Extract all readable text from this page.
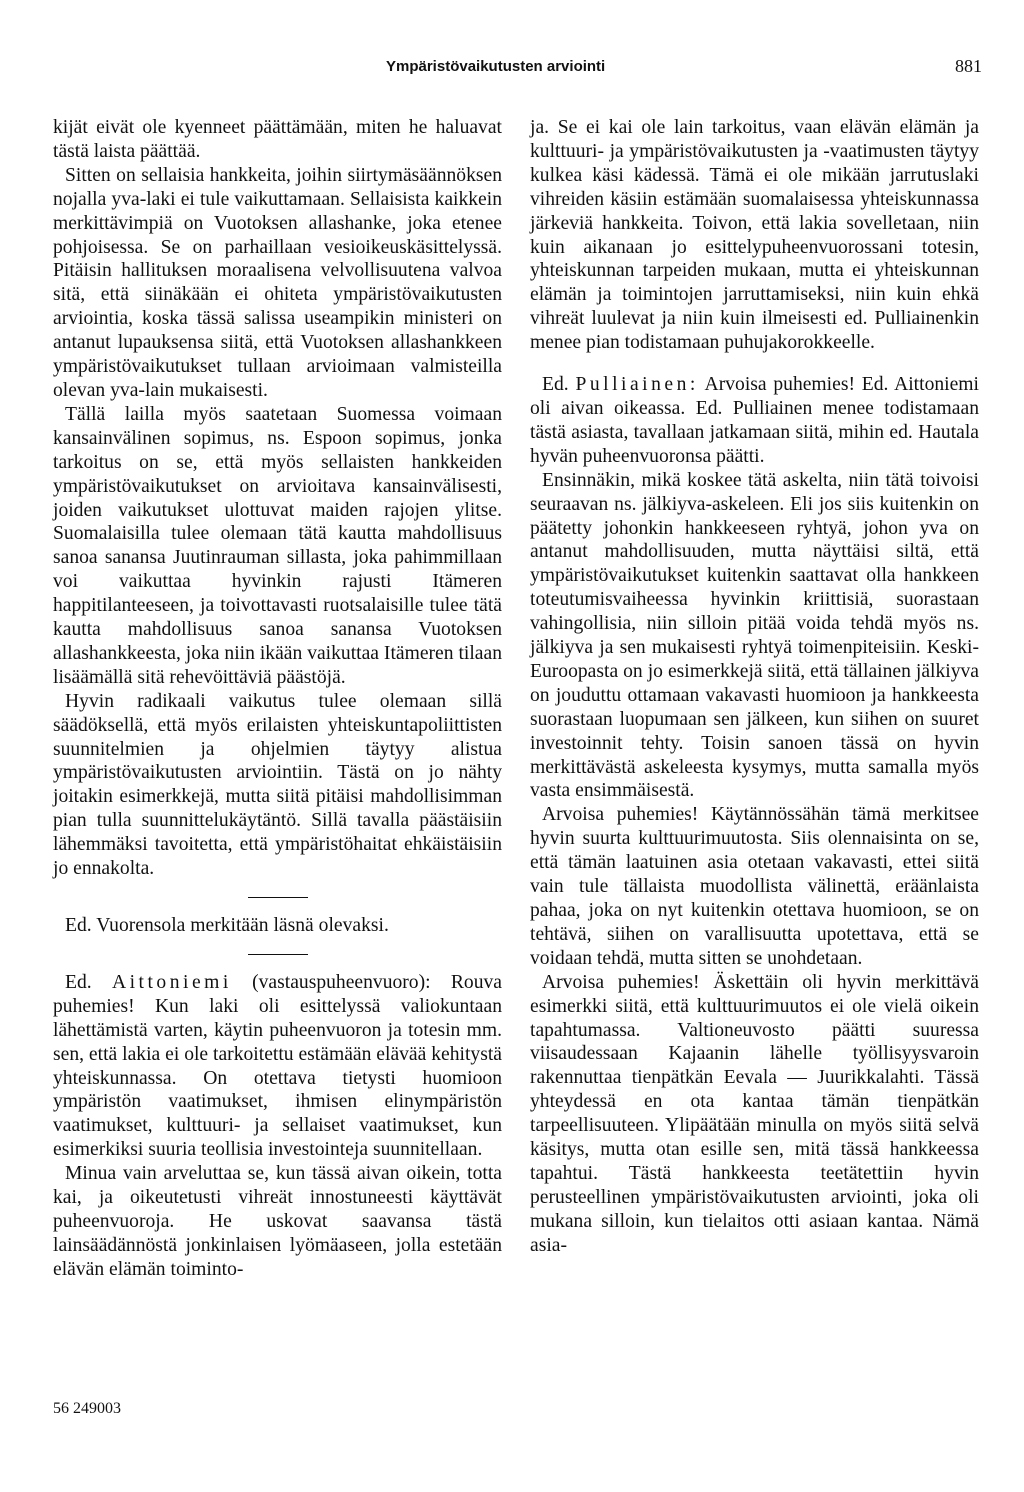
Ympäristövaikutusten arviointi	881

kijät eivät ole kyenneet päättämään, miten he haluavat tästä laista päättää.

Sitten on sellaisia hankkeita, joihin siirtymäsäännöksen nojalla yva-laki ei tule vaikuttamaan. Sellaisista kaikkein merkittävimpiä on Vuotoksen allashanke, joka etenee pohjoisessa. Se on parhaillaan vesioikeuskäsittelyssä. Pitäisin hallituksen moraalisena velvollisuutena valvoa sitä, että siinäkään ei ohiteta ympäristövaikutusten arviointia, koska tässä salissa useampikin ministeri on antanut lupauksensa siitä, että Vuotoksen allashankkeen ympäristövaikutukset tullaan arvioimaan valmisteilla olevan yva-lain mukaisesti.

Tällä lailla myös saatetaan Suomessa voimaan kansainvälinen sopimus, ns. Espoon sopimus, jonka tarkoitus on se, että myös sellaisten hankkeiden ympäristövaikutukset on arvioitava kansainvälisesti, joiden vaikutukset ulottuvat maiden rajojen ylitse. Suomalaisilla tulee olemaan tätä kautta mahdollisuus sanoa sanansa Juutinrauman sillasta, joka pahimmillaan voi vaikuttaa hyvinkin rajusti Itämeren happitilanteeseen, ja toivottavasti ruotsalaisille tulee tätä kautta mahdollisuus sanoa sanansa Vuotoksen allashankkeesta, joka niin ikään vaikuttaa Itämeren tilaan lisäämällä sitä rehevöittäviä päästöjä.

Hyvin radikaali vaikutus tulee olemaan sillä säädöksellä, että myös erilaisten yhteiskuntapoliittisten suunnitelmien ja ohjelmien täytyy alistua ympäristövaikutusten arviointiin. Tästä on jo nähty joitakin esimerkkejä, mutta siitä pitäisi mahdollisimman pian tulla suunnittelukäytäntö. Sillä tavalla päästäisiin lähemmäksi tavoitetta, että ympäristöhaitat ehkäistäisiin jo ennakolta.

Ed. Vuorensola merkitään läsnä olevaksi.

Ed. Aittoniemi (vastauspuheenvuoro): Rouva puhemies! Kun laki oli esittelyssä valiokuntaan lähettämistä varten, käytin puheenvuoron ja totesin mm. sen, että lakia ei ole tarkoitettu estämään elävää kehitystä yhteiskunnassa. On otettava tietysti huomioon ympäristön vaatimukset, ihmisen elinympäristön vaatimukset, kulttuuri- ja sellaiset vaatimukset, kun esimerkiksi suuria teollisia investointeja suunnitellaan.

Minua vain arveluttaa se, kun tässä aivan oikein, totta kai, ja oikeutetusti vihreät innostuneesti käyttävät puheenvuoroja. He uskovat saavansa tästä lainsäädännöstä jonkinlaisen lyömäaseen, jolla estetään elävän elämän toiminto-

ja. Se ei kai ole lain tarkoitus, vaan elävän elämän ja kulttuuri- ja ympäristövaikutusten ja -vaatimusten täytyy kulkea käsi kädessä. Tämä ei ole mikään jarrutuslaki vihreiden käsiin estämään suomalaisessa yhteiskunnassa järkeviä hankkeita. Toivon, että lakia sovelletaan, niin kuin aikanaan jo esittelypuheenvuorossani totesin, yhteiskunnan tarpeiden mukaan, mutta ei yhteiskunnan elämän ja toimintojen jarruttamiseksi, niin kuin ehkä vihreät luulevat ja niin kuin ilmeisesti ed. Pulliainenkin menee pian todistamaan puhujakorokkeelle.

Ed. Pulliainen: Arvoisa puhemies! Ed. Aittoniemi oli aivan oikeassa. Ed. Pulliainen menee todistamaan tästä asiasta, tavallaan jatkamaan siitä, mihin ed. Hautala hyvän puheenvuoronsa päätti.

Ensinnäkin, mikä koskee tätä askelta, niin tätä toivoisi seuraavan ns. jälkiyva-askeleen. Eli jos siis kuitenkin on päätetty johonkin hankkeeseen ryhtyä, johon yva on antanut mahdollisuuden, mutta näyttäisi siltä, että ympäristövaikutukset kuitenkin saattavat olla hankkeen toteutumisvaiheessa hyvinkin kriittisiä, suorastaan vahingollisia, niin silloin pitää voida tehdä myös ns. jälkiyva ja sen mukaisesti ryhtyä toimenpiteisiin. Keski-Euroopasta on jo esimerkkejä siitä, että tällainen jälkiyva on jouduttu ottamaan vakavasti huomioon ja hankkeesta suorastaan luopumaan sen jälkeen, kun siihen on suuret investoinnit tehty. Toisin sanoen tässä on hyvin merkittävästä askeleesta kysymys, mutta samalla myös vasta ensimmäisestä.

Arvoisa puhemies! Käytännössähän tämä merkitsee hyvin suurta kulttuurimuutosta. Siis olennaisinta on se, että tämän laatuinen asia otetaan vakavasti, ettei siitä vain tule tällaista muodollista välinettä, eräänlaista pahaa, joka on nyt kuitenkin otettava huomioon, se on tehtävä, siihen on varallisuutta upotettava, että se voidaan tehdä, mutta sitten se unohdetaan.

Arvoisa puhemies! Äskettäin oli hyvin merkittävä esimerkki siitä, että kulttuurimuutos ei ole vielä oikein tapahtumassa. Valtioneuvosto päätti suuressa viisaudessaan Kajaanin lähelle työllisyysvaroin rakennuttaa tienpätkän Eevala — Juurikkalahti. Tässä yhteydessä en ota kantaa tämän tienpätkän tarpeellisuuteen. Ylipäätään minulla on myös siitä selvä käsitys, mutta otan esille sen, mitä tässä hankkeessa tapahtui. Tästä hankkeesta teetätettiin hyvin perusteellinen ympäristövaikutusten arviointi, joka oli mukana silloin, kun tielaitos otti asiaan kantaa. Nämä asia-

56 249003
